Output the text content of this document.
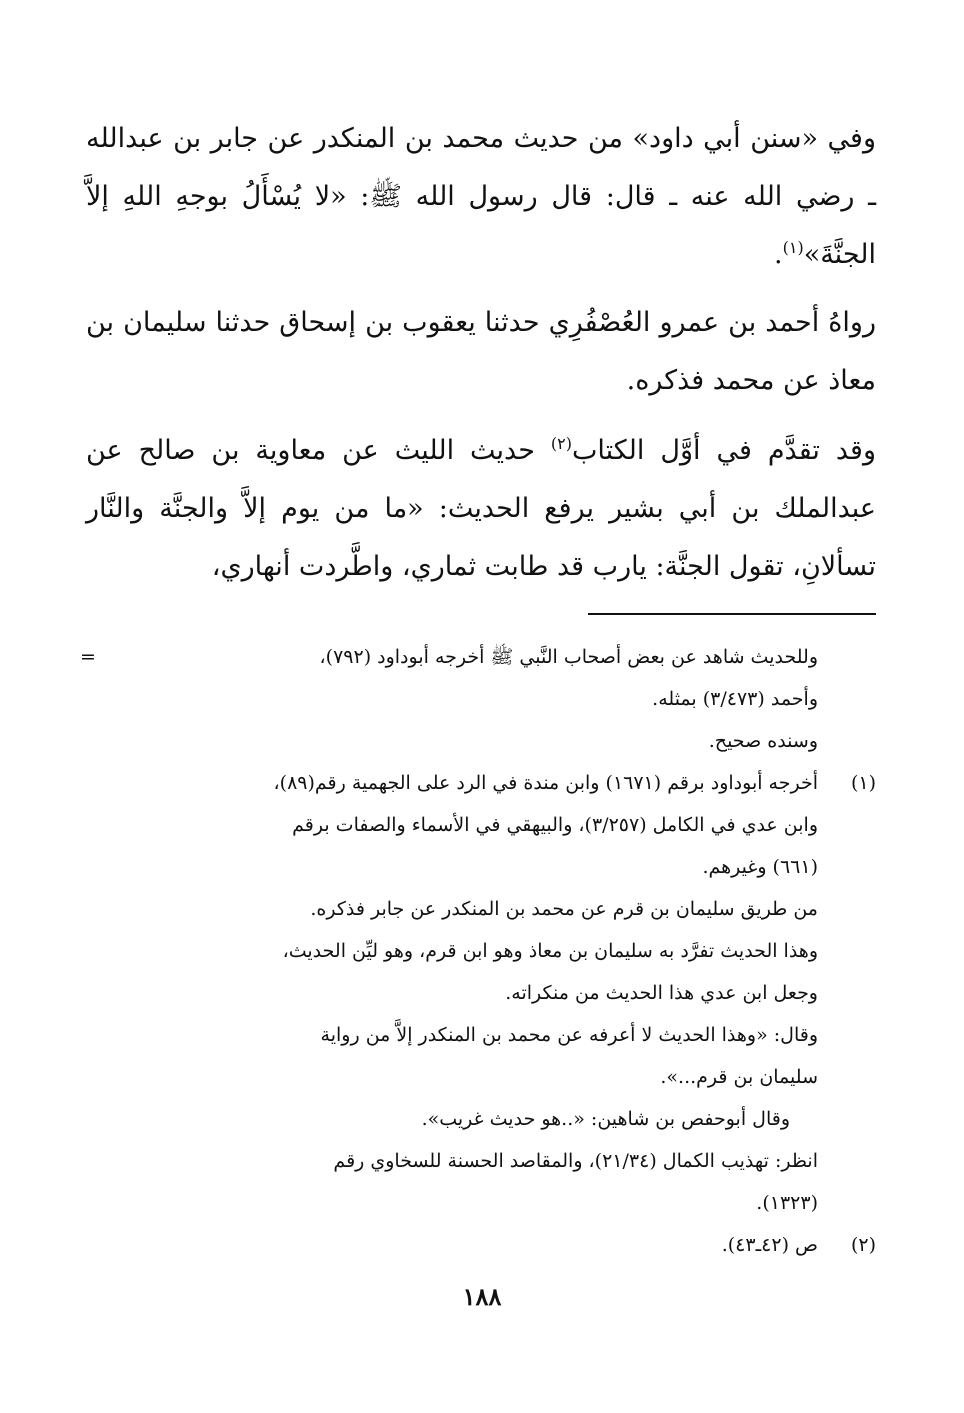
وفي «سنن أبي داود» من حديث محمد بن المنكدر عن جابر بن عبدالله ـ رضي الله عنه ـ قال: قال رسول الله ﷺ: «لا يُسْأَلُ بوجهِ اللهِ إلاَّ الجنَّةَ»$^{(١)}$.
رواهُ أحمد بن عمرو العُصْفُرِي حدثنا يعقوب بن إسحاق حدثنا سليمان بن معاذ عن محمد فذكره.
وقد تقدَّم في أوَّل الكتاب$^{(٢)}$ حديث الليث عن معاوية بن صالح عن عبدالملك بن أبي بشير يرفع الحديث: «ما من يوم إلاَّ والجنَّة والنَّار تسألانِ، تقول الجنَّة: يارب قد طابت ثماري، واطَّردت أنهاري،
=	وللحديث شاهد عن بعض أصحاب النَّبي ﷺ أخرجه أبوداود (٧٩٢)،
وأحمد (٣/٤٧٣) بمثله.
وسنده صحيح.
(١)
أخرجه أبوداود برقم (١٦٧١) وابن مندة في الرد على الجهمية رقم(٨٩)،
وابن عدي في الكامل (٣/٢٥٧)، والبيهقي في الأسماء والصفات برقم
(٦٦١) وغيرهم.
من طريق سليمان بن قرم عن محمد بن المنكدر عن جابر فذكره.
وهذا الحديث تفرَّد به سليمان بن معاذ وهو ابن قرم، وهو ليِّن الحديث،
وجعل ابن عدي هذا الحديث من منكراته.
وقال: «وهذا الحديث لا أعرفه عن محمد بن المنكدر إلاَّ من رواية
سليمان بن قرم...».
وقال أبوحفص بن شاهين: «..هو حديث غريب».
انظر: تهذيب الكمال (٢١/٣٤)، والمقاصد الحسنة للسخاوي رقم
(١٣٢٣).
(٢)
ص (٤٢ـ٤٣).
١٨٨
